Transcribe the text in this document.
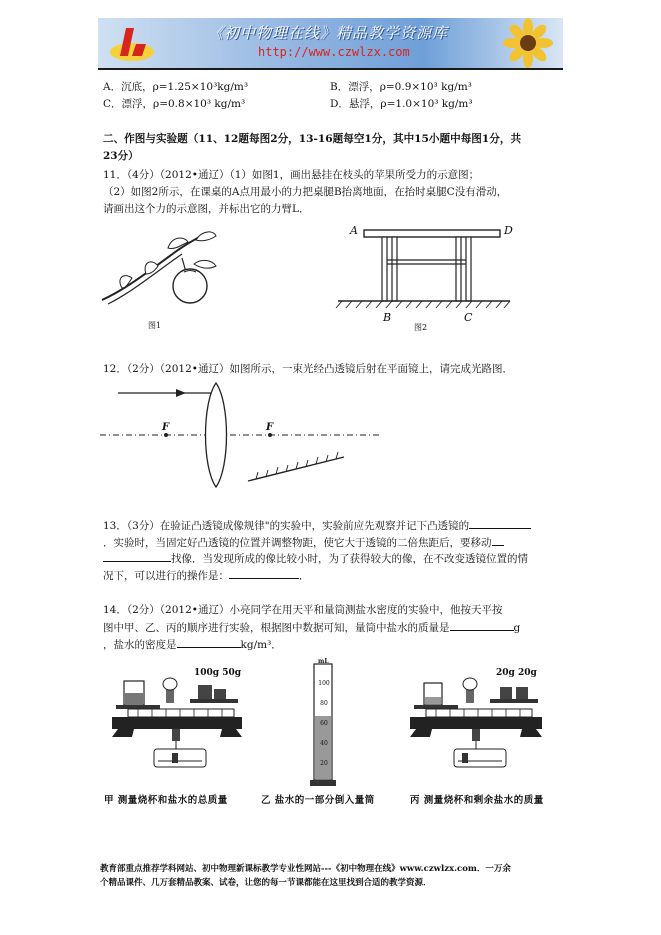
《初中物理在线》精品教学资源库
http://www.czwlzx.com
A．沉底，ρ=1.25×10³kg/m³	B．漂浮，ρ=0.9×10³ kg/m³
C．漂浮，ρ=0.8×10³ kg/m³	D．悬浮，ρ=1.0×10³ kg/m³
二、作图与实验题（11、12题每图2分，13-16题每空1分，其中15小题中每图1分，共
23分）
11．（4分）（2012•通辽）（1）如图1，画出悬挂在枝头的苹果所受力的示意图；
（2）如图2所示，在课桌的A点用最小的力把桌腿B抬离地面，在抬时桌腿C没有滑动，
请画出这个力的示意图，并标出它的力臂L．
图1
A	D
B	C
图2
12．（2分）（2012•通辽）如图所示，一束光经凸透镜后射在平面镜上，请完成光路图．
F	F
13．（3分）在验证凸透镜成像规律"的实验中，实验前应先观察并记下凸透镜的
．实验时，当固定好凸透镜的位置并调整物距，使它大于透镜的二倍焦距后，要移动
找像．当发现所成的像比较小时，为了获得较大的像，在不改变透镜位置的情
况下，可以进行的操作是：	．
14．（2分）（2012•通辽）小亮同学在用天平和量筒测盐水密度的实验中，他按天平按
图中甲、乙、丙的顺序进行实验，根据图中数据可知，量筒中盐水的质量是	g
，盐水的密度是	kg/m³．
100g 50g
mL
100
80
60
40
20
20g 20g
甲 测量烧杯和盐水的总质量	乙 盐水的一部分倒入量筒	丙 测量烧杯和剩余盐水的质量
教育部重点推荐学科网站、初中物理新课标教学专业性网站---《初中物理在线》www.czwlzx.com．一万余
个精品课件、几万套精品教案、试卷，让您的每一节课都能在这里找到合适的教学资源．
